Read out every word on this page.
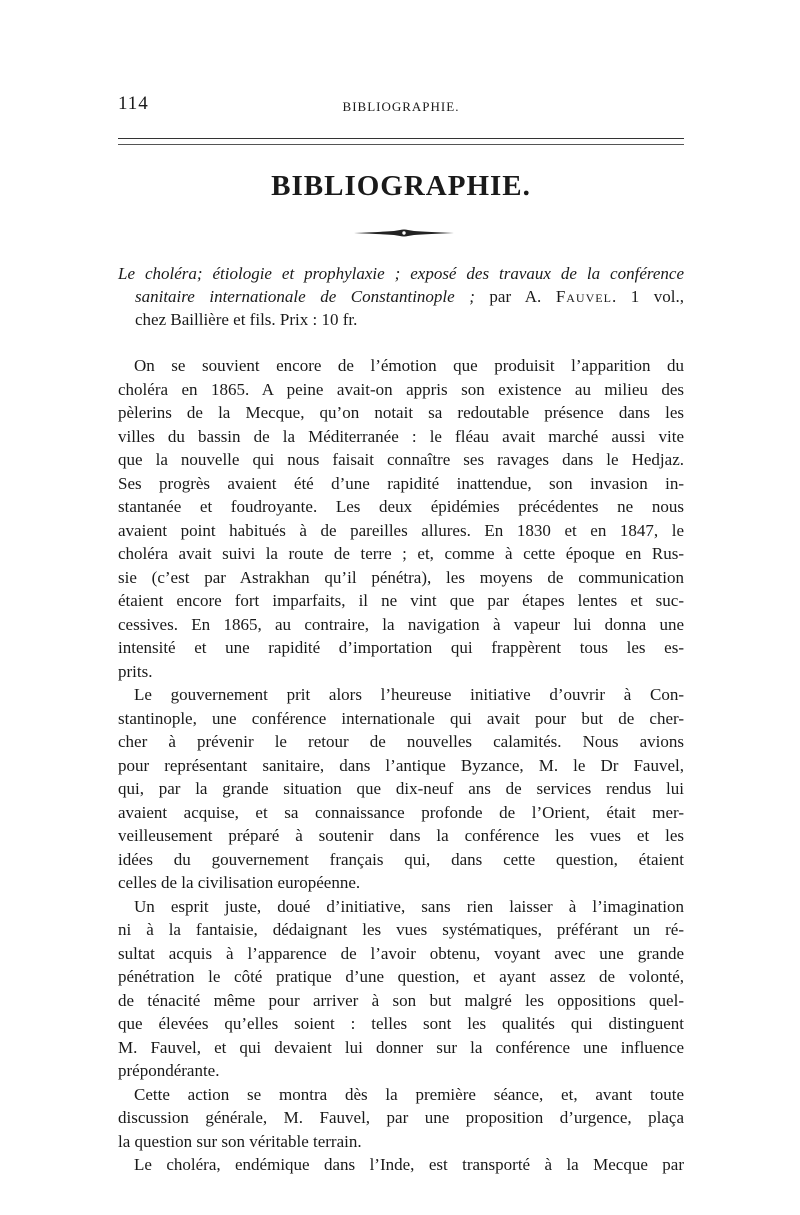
114	BIBLIOGRAPHIE.
BIBLIOGRAPHIE.
Le choléra; étiologie et prophylaxie ; exposé des travaux de la conférence
sanitaire internationale de Constantinople ; par A. Fauvel. 1 vol.,
chez Baillière et fils. Prix : 10 fr.
On se souvient encore de l’émotion que produisit l’apparition du
choléra en 1865. A peine avait-on appris son existence au milieu des
pèlerins de la Mecque, qu’on notait sa redoutable présence dans les
villes du bassin de la Méditerranée : le fléau avait marché aussi vite
que la nouvelle qui nous faisait connaître ses ravages dans le Hedjaz.
Ses progrès avaient été d’une rapidité inattendue, son invasion in-
stantanée et foudroyante. Les deux épidémies précédentes ne nous
avaient point habitués à de pareilles allures. En 1830 et en 1847, le
choléra avait suivi la route de terre ; et, comme à cette époque en Rus-
sie (c’est par Astrakhan qu’il pénétra), les moyens de communication
étaient encore fort imparfaits, il ne vint que par étapes lentes et suc-
cessives. En 1865, au contraire, la navigation à vapeur lui donna une
intensité et une rapidité d’importation qui frappèrent tous les es-
prits.
Le gouvernement prit alors l’heureuse initiative d’ouvrir à Con-
stantinople, une conférence internationale qui avait pour but de cher-
cher à prévenir le retour de nouvelles calamités. Nous avions
pour représentant sanitaire, dans l’antique Byzance, M. le Dr Fauvel,
qui, par la grande situation que dix-neuf ans de services rendus lui
avaient acquise, et sa connaissance profonde de l’Orient, était mer-
veilleusement préparé à soutenir dans la conférence les vues et les
idées du gouvernement français qui, dans cette question, étaient
celles de la civilisation européenne.
Un esprit juste, doué d’initiative, sans rien laisser à l’imagination
ni à la fantaisie, dédaignant les vues systématiques, préférant un ré-
sultat acquis à l’apparence de l’avoir obtenu, voyant avec une grande
pénétration le côté pratique d’une question, et ayant assez de volonté,
de ténacité même pour arriver à son but malgré les oppositions quel-
que élevées qu’elles soient : telles sont les qualités qui distinguent
M. Fauvel, et qui devaient lui donner sur la conférence une influence
prépondérante.
Cette action se montra dès la première séance, et, avant toute
discussion générale, M. Fauvel, par une proposition d’urgence, plaça
la question sur son véritable terrain.
Le choléra, endémique dans l’Inde, est transporté à la Mecque par
